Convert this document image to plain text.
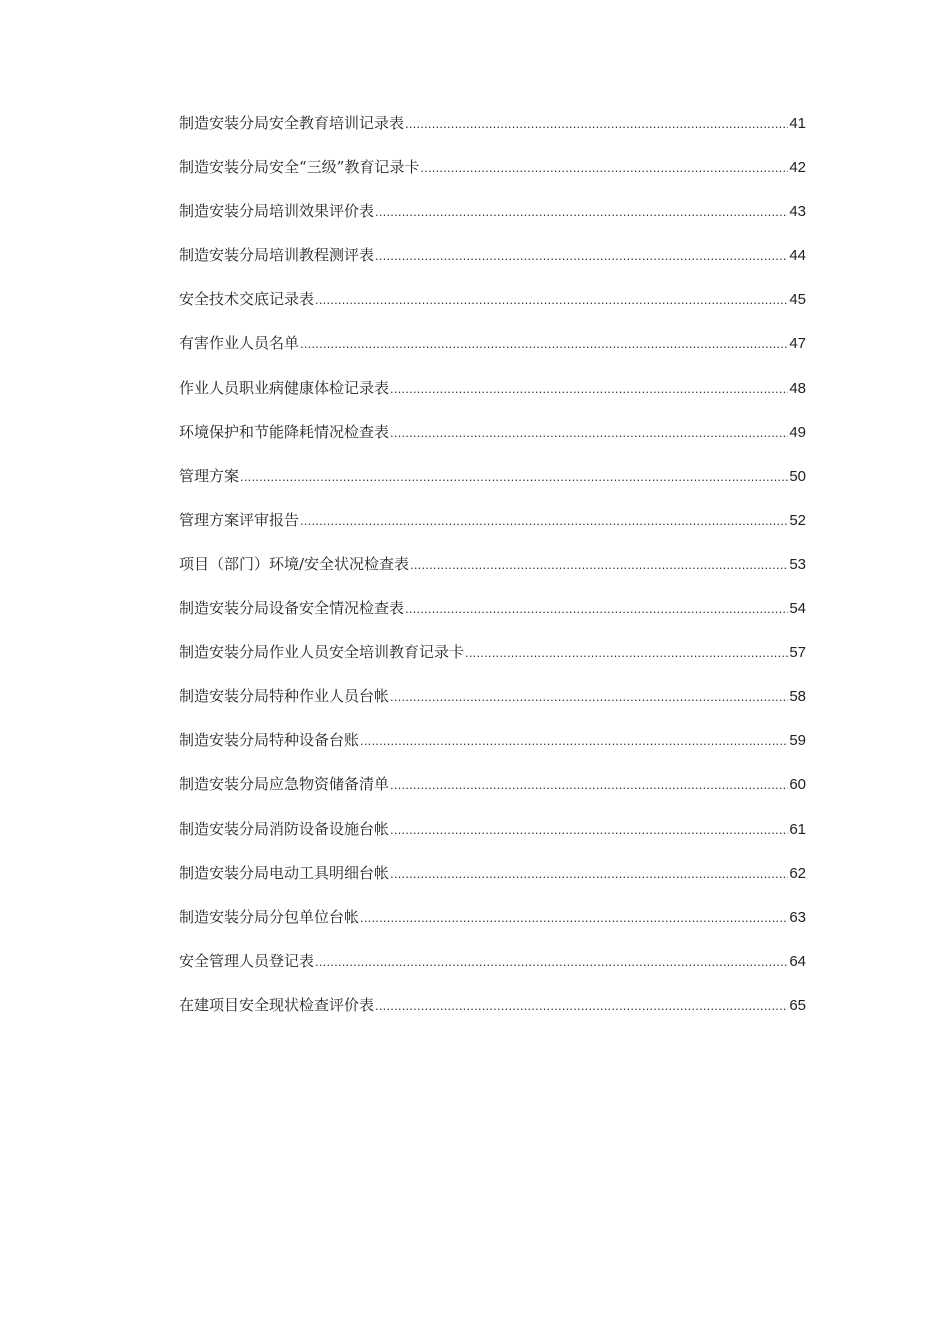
制造安装分局安全教育培训记录表 .....	41
制造安装分局安全“三级”教育记录卡 .....	42
制造安装分局培训效果评价表 .....	43
制造安装分局培训教程测评表 .....	44
安全技术交底记录表 .....	45
有害作业人员名单 .....	47
作业人员职业病健康体检记录表 .....	48
环境保护和节能降耗情况检查表 .....	49
管理方案 .....	50
管理方案评审报告 .....	52
项目（部门）环境/安全状况检查表 .....	53
制造安装分局设备安全情况检查表 .....	54
制造安装分局作业人员安全培训教育记录卡 .....	57
制造安装分局特种作业人员台帐 .....	58
制造安装分局特种设备台账 .....	59
制造安装分局应急物资储备清单 .....	60
制造安装分局消防设备设施台帐 .....	61
制造安装分局电动工具明细台帐 .....	62
制造安装分局分包单位台帐 .....	63
安全管理人员登记表 .....	64
在建项目安全现状检查评价表 .....	65
